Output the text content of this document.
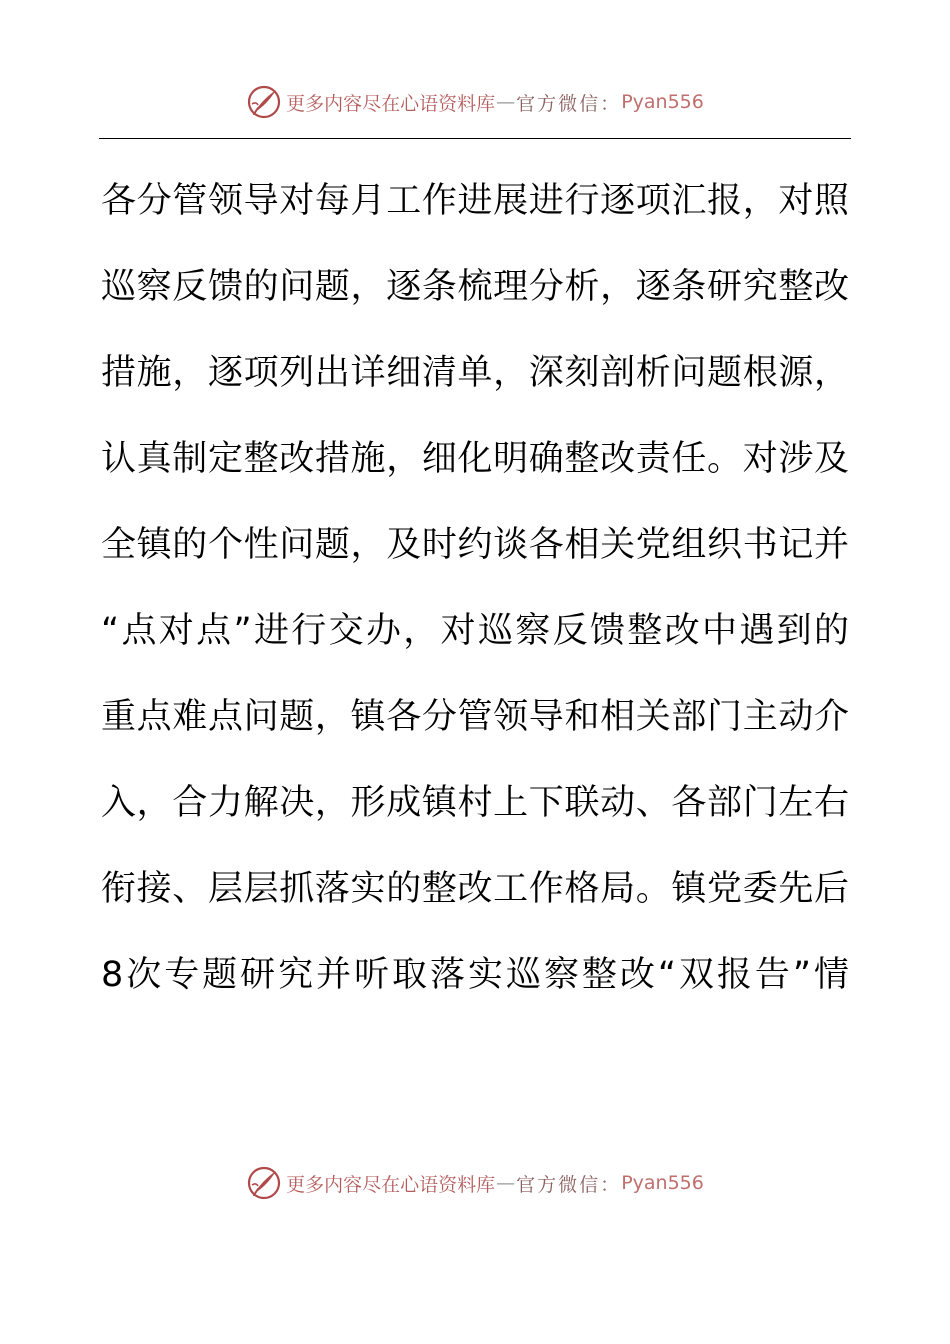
更多内容尽在心语资料库 — 官方微信： Pyan556
各分管领导对每月工作进展进行逐项汇报，对照
巡察反馈的问题，逐条梳理分析，逐条研究整改
措施，逐项列出详细清单，深刻剖析问题根源，
认真制定整改措施，细化明确整改责任。对涉及
全镇的个性问题，及时约谈各相关党组织书记并
“点对点”进行交办，对巡察反馈整改中遇到的
重点难点问题，镇各分管领导和相关部门主动介
入，合力解决，形成镇村上下联动、各部门左右
衔接、层层抓落实的整改工作格局。镇党委先后
8次专题研究并听取落实巡察整改“双报告”情
更多内容尽在心语资料库 — 官方微信： Pyan556
